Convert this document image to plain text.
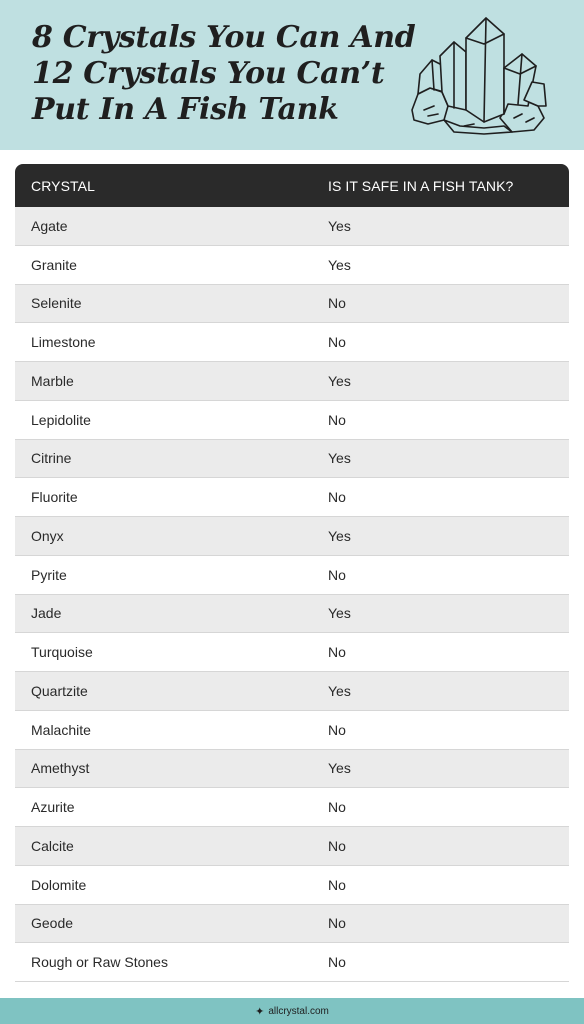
8 Crystals You Can And
12 Crystals You Can’t
Put In A Fish Tank
CRYSTAL	IS IT SAFE IN A FISH TANK?
Agate	Yes
Granite	Yes
Selenite	No
Limestone	No
Marble	Yes
Lepidolite	No
Citrine	Yes
Fluorite	No
Onyx	Yes
Pyrite	No
Jade	Yes
Turquoise	No
Quartzite	Yes
Malachite	No
Amethyst	Yes
Azurite	No
Calcite	No
Dolomite	No
Geode	No
Rough or Raw Stones	No
✦ allcrystal.com
